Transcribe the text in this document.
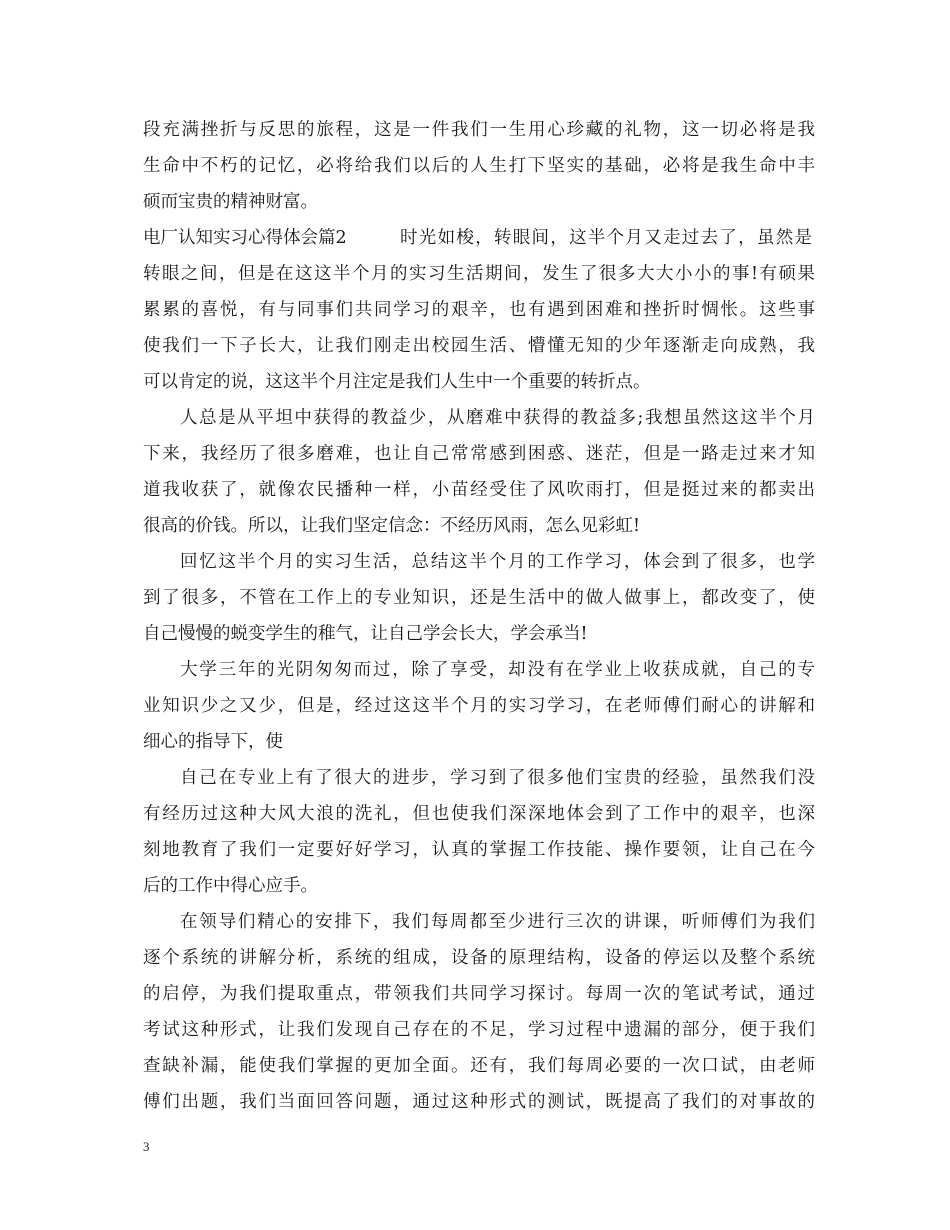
段充满挫折与反思的旅程，这是一件我们一生用心珍藏的礼物，这一切必将是我
生命中不朽的记忆，必将给我们以后的人生打下坚实的基础，必将是我生命中丰
硕而宝贵的精神财富。
电厂认知实习心得体会篇2	时光如梭，转眼间，这半个月又走过去了，虽然是
转眼之间，但是在这这半个月的实习生活期间，发生了很多大大小小的事!有硕果
累累的喜悦，有与同事们共同学习的艰辛，也有遇到困难和挫折时惆怅。这些事
使我们一下子长大，让我们刚走出校园生活、懵懂无知的少年逐渐走向成熟，我
可以肯定的说，这这半个月注定是我们人生中一个重要的转折点。
人总是从平坦中获得的教益少，从磨难中获得的教益多;我想虽然这这半个月
下来，我经历了很多磨难，也让自己常常感到困惑、迷茫，但是一路走过来才知
道我收获了，就像农民播种一样，小苗经受住了风吹雨打，但是挺过来的都卖出
很高的价钱。所以，让我们坚定信念：不经历风雨，怎么见彩虹!
回忆这半个月的实习生活，总结这半个月的工作学习，体会到了很多，也学
到了很多，不管在工作上的专业知识，还是生活中的做人做事上，都改变了，使
自己慢慢的蜕变学生的稚气，让自己学会长大，学会承当!
大学三年的光阴匆匆而过，除了享受，却没有在学业上收获成就，自己的专
业知识少之又少，但是，经过这这半个月的实习学习，在老师傅们耐心的讲解和
细心的指导下，使
自己在专业上有了很大的进步，学习到了很多他们宝贵的经验，虽然我们没
有经历过这种大风大浪的洗礼，但也使我们深深地体会到了工作中的艰辛，也深
刻地教育了我们一定要好好学习，认真的掌握工作技能、操作要领，让自己在今
后的工作中得心应手。
在领导们精心的安排下，我们每周都至少进行三次的讲课，听师傅们为我们
逐个系统的讲解分析，系统的组成，设备的原理结构，设备的停运以及整个系统
的启停，为我们提取重点，带领我们共同学习探讨。每周一次的笔试考试，通过
考试这种形式，让我们发现自己存在的不足，学习过程中遗漏的部分，便于我们
查缺补漏，能使我们掌握的更加全面。还有，我们每周必要的一次口试，由老师
傅们出题，我们当面回答问题，通过这种形式的测试，既提高了我们的对事故的
3
